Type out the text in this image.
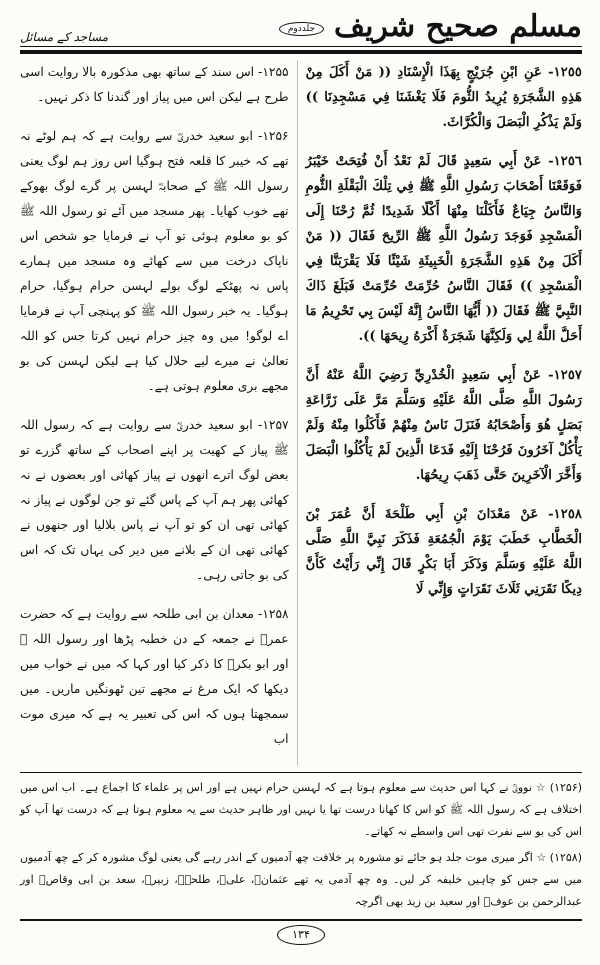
مسلم صحیح شریف
جلددوم
مساجد کے مسائل
۱۲۵۵- اس سند کے ساتھ بھی مذکورہ بالا روایت اسی طرح ہے لیکن اس میں پیاز اور گندنا کا ذکر نہیں۔
۱۲۵۶- ابو سعید خدریؓ سے روایت ہے کہ ہم لوٹے نہ تھے کہ خیبر کا قلعہ فتح ہوگیا اس روز ہم لوگ یعنی رسول اللہ ﷺ کے صحابہؓ لہسن پر گرے لوگ بھوکے تھے خوب کھایا۔ پھر مسجد میں آئے تو رسول اللہ ﷺ کو بو معلوم ہوئی تو آپ نے فرمایا جو شخص اس ناپاک درخت میں سے کھائے وہ مسجد میں ہمارے پاس نہ پھٹکے لوگ بولے لہسن حرام ہوگیا، حرام ہوگیا۔ یہ خبر رسول اللہ ﷺ کو پہنچی آپ نے فرمایا اے لوگو! میں وہ چیز حرام نہیں کرتا جس کو اللہ تعالیٰ نے میرے لیے حلال کیا ہے لیکن لہسن کی بو مجھے بری معلوم ہوتی ہے۔
۱۲۵۷- ابو سعید خدریؓ سے روایت ہے کہ رسول اللہ ﷺ پیاز کے کھیت پر اپنے اصحاب کے ساتھ گزرے تو بعض لوگ اترے انھوں نے پیاز کھائی اور بعضوں نے نہ کھائی پھر ہم آپ کے پاس گئے تو جن لوگوں نے پیاز نہ کھائی تھی ان کو تو آپ نے پاس بلالیا اور جنھوں نے کھائی تھی ان کے بلانے میں دیر کی یہاں تک کہ اس کی بو جاتی رہی۔
۱۲۵۸- معدان بن ابی طلحہ سے روایت ہے کہ حضرت عمرؓ نے جمعہ کے دن خطبہ پڑھا اور رسول اللہ ﷺ اور ابو بکرؓ کا ذکر کیا اور کہا کہ میں نے خواب میں دیکھا کہ ایک مرغ نے مجھے تین ٹھونگیں ماریں۔ میں سمجھتا ہوں کہ اس کی تعبیر یہ ہے کہ میری موت اب
١٢٥٥- عَنِ ابْنِ جُرَيْجٍ بِهَذَا الْإِسْنَادِ (( مَنْ أَكَلَ مِنْ هَذِهِ الشَّجَرَةِ يُرِيدُ الثُّومَ فَلَا يَغْشَنَا فِي مَسْجِدِنَا )) وَلَمْ يَذْكُرِ الْبَصَلَ وَالْكُرَّاثَ.
١٢٥٦- عَنْ أَبِي سَعِيدٍ قَالَ لَمْ نَعْدُ أَنْ فُتِحَتْ خَيْبَرُ فَوَقَعْنَا أَصْحَابَ رَسُولِ اللَّهِ ﷺ فِي تِلْكَ الْبَقْلَةِ الثُّومِ وَالنَّاسُ جِيَاعٌ فَأَكَلْنَا مِنْهَا أَكْلًا شَدِيدًا ثُمَّ رُحْنَا إِلَى الْمَسْجِدِ فَوَجَدَ رَسُولُ اللَّهِ ﷺ الرِّيحَ فَقَالَ (( مَنْ أَكَلَ مِنْ هَذِهِ الشَّجَرَةِ الْخَبِيثَةِ شَيْئًا فَلَا يَقْرَبَنَّا فِي الْمَسْجِدِ )) فَقَالَ النَّاسُ حُرِّمَتْ حُرِّمَتْ فَبَلَغَ ذَاكَ النَّبِيَّ ﷺ فَقَالَ (( أَيُّهَا النَّاسُ إِنَّهُ لَيْسَ بِي تَحْرِيمُ مَا أَحَلَّ اللَّهُ لِي وَلَكِنَّهَا شَجَرَةٌ أَكْرَهُ رِيحَهَا )).
١٢٥٧- عَنْ أَبِي سَعِيدٍ الْخُدْرِيِّ رَضِيَ اللَّهُ عَنْهُ أَنَّ رَسُولَ اللَّهِ صَلَّى اللَّهُ عَلَيْهِ وَسَلَّمَ مَرَّ عَلَى زَرَّاعَةِ بَصَلٍ هُوَ وَأَصْحَابُهُ فَنَزَلَ نَاسٌ مِنْهُمْ فَأَكَلُوا مِنْهُ وَلَمْ يَأْكُلْ آخَرُونَ فَرُحْنَا إِلَيْهِ فَدَعَا الَّذِينَ لَمْ يَأْكُلُوا الْبَصَلَ وَأَخَّرَ الْآخَرِينَ حَتَّى ذَهَبَ رِيحُهَا.
١٢٥٨- عَنْ مَعْدَانَ بْنِ أَبِي طَلْحَةَ أَنَّ عُمَرَ بْنَ الْخَطَّابِ خَطَبَ يَوْمَ الْجُمُعَةِ فَذَكَرَ نَبِيَّ اللَّهِ صَلَّى اللَّهُ عَلَيْهِ وَسَلَّمَ وَذَكَرَ أَبَا بَكْرٍ قَالَ إِنِّي رَأَيْتُ كَأَنَّ دِيكًا نَقَرَنِي ثَلَاثَ نَقَرَاتٍ وَإِنِّي لَا
(۱۲۵۶) ☆ نوویؒ نے کہا اس حدیث سے معلوم ہوتا ہے کہ لہسن حرام نہیں ہے اور اس پر علماء کا اجماع ہے۔ اب اس میں اختلاف ہے کہ رسول اللہ ﷺ کو اس کا کھانا درست تھا یا نہیں اور ظاہر حدیث سے یہ معلوم ہوتا ہے کہ درست تھا آپ کو اس کی بو سے نفرت تھی اس واسطے نہ کھاتے۔
(۱۲۵۸) ☆ اگر میری موت جلد ہو جائے تو مشورہ پر خلافت چھ آدمیوں کے اندر رہے گی یعنی لوگ مشورہ کر کے چھ آدمیوں میں سے جس کو چاہیں خلیفہ کر لیں۔ وہ چھ آدمی یہ تھے عثمانؓ، علیؓ، طلحہؓ، زبیرؓ، سعد بن ابی وقاصؓ اور عبدالرحمن بن عوفؓ اور سعید بن زید بھی اگرچہ
۱۳۴
